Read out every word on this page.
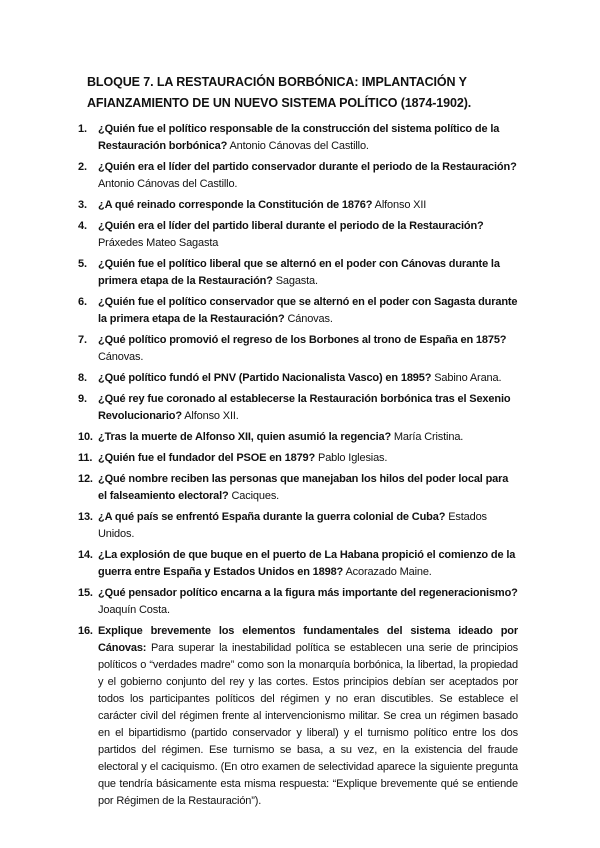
BLOQUE 7. LA RESTAURACIÓN BORBÓNICA: IMPLANTACIÓN Y AFIANZAMIENTO DE UN NUEVO SISTEMA POLÍTICO (1874-1902).
1.	¿Quién fue el político responsable de la construcción del sistema político de la Restauración borbónica? Antonio Cánovas del Castillo.
2.	¿Quién era el líder del partido conservador durante el periodo de la Restauración? Antonio Cánovas del Castillo.
3.	¿A qué reinado corresponde la Constitución de 1876? Alfonso XII
4.	¿Quién era el líder del partido liberal durante el periodo de la Restauración? Práxedes Mateo Sagasta
5.	¿Quién fue el político liberal que se alternó en el poder con Cánovas durante la primera etapa de la Restauración? Sagasta.
6.	¿Quién fue el político conservador que se alternó en el poder con Sagasta durante la primera etapa de la Restauración? Cánovas.
7.	¿Qué político promovió el regreso de los Borbones al trono de España en 1875? Cánovas.
8.	¿Qué político fundó el PNV (Partido Nacionalista Vasco) en 1895? Sabino Arana.
9.	¿Qué rey fue coronado al establecerse la Restauración borbónica tras el Sexenio Revolucionario? Alfonso XII.
10. ¿Tras la muerte de Alfonso XII, quien asumió la regencia? María Cristina.
11. ¿Quién fue el fundador del PSOE en 1879? Pablo Iglesias.
12. ¿Qué nombre reciben las personas que manejaban los hilos del poder local para el falseamiento electoral? Caciques.
13. ¿A qué país se enfrentó España durante la guerra colonial de Cuba? Estados Unidos.
14. ¿La explosión de que buque en el puerto de La Habana propició el comienzo de la guerra entre España y Estados Unidos en 1898? Acorazado Maine.
15. ¿Qué pensador político encarna a la figura más importante del regeneracionismo? Joaquín Costa.
16. Explique brevemente los elementos fundamentales del sistema ideado por Cánovas: Para superar la inestabilidad política se establecen una serie de principios políticos o “verdades madre” como son la monarquía borbónica, la libertad, la propiedad y el gobierno conjunto del rey y las cortes. Estos principios debían ser aceptados por todos los participantes políticos del régimen y no eran discutibles. Se establece el carácter civil del régimen frente al intervencionismo militar. Se crea un régimen basado en el bipartidismo (partido conservador y liberal) y el turnismo político entre los dos partidos del régimen. Ese turnismo se basa, a su vez, en la existencia del fraude electoral y el caciquismo. (En otro examen de selectividad aparece la siguiente pregunta que tendría básicamente esta misma respuesta: “Explique brevemente qué se entiende por Régimen de la Restauración”).
